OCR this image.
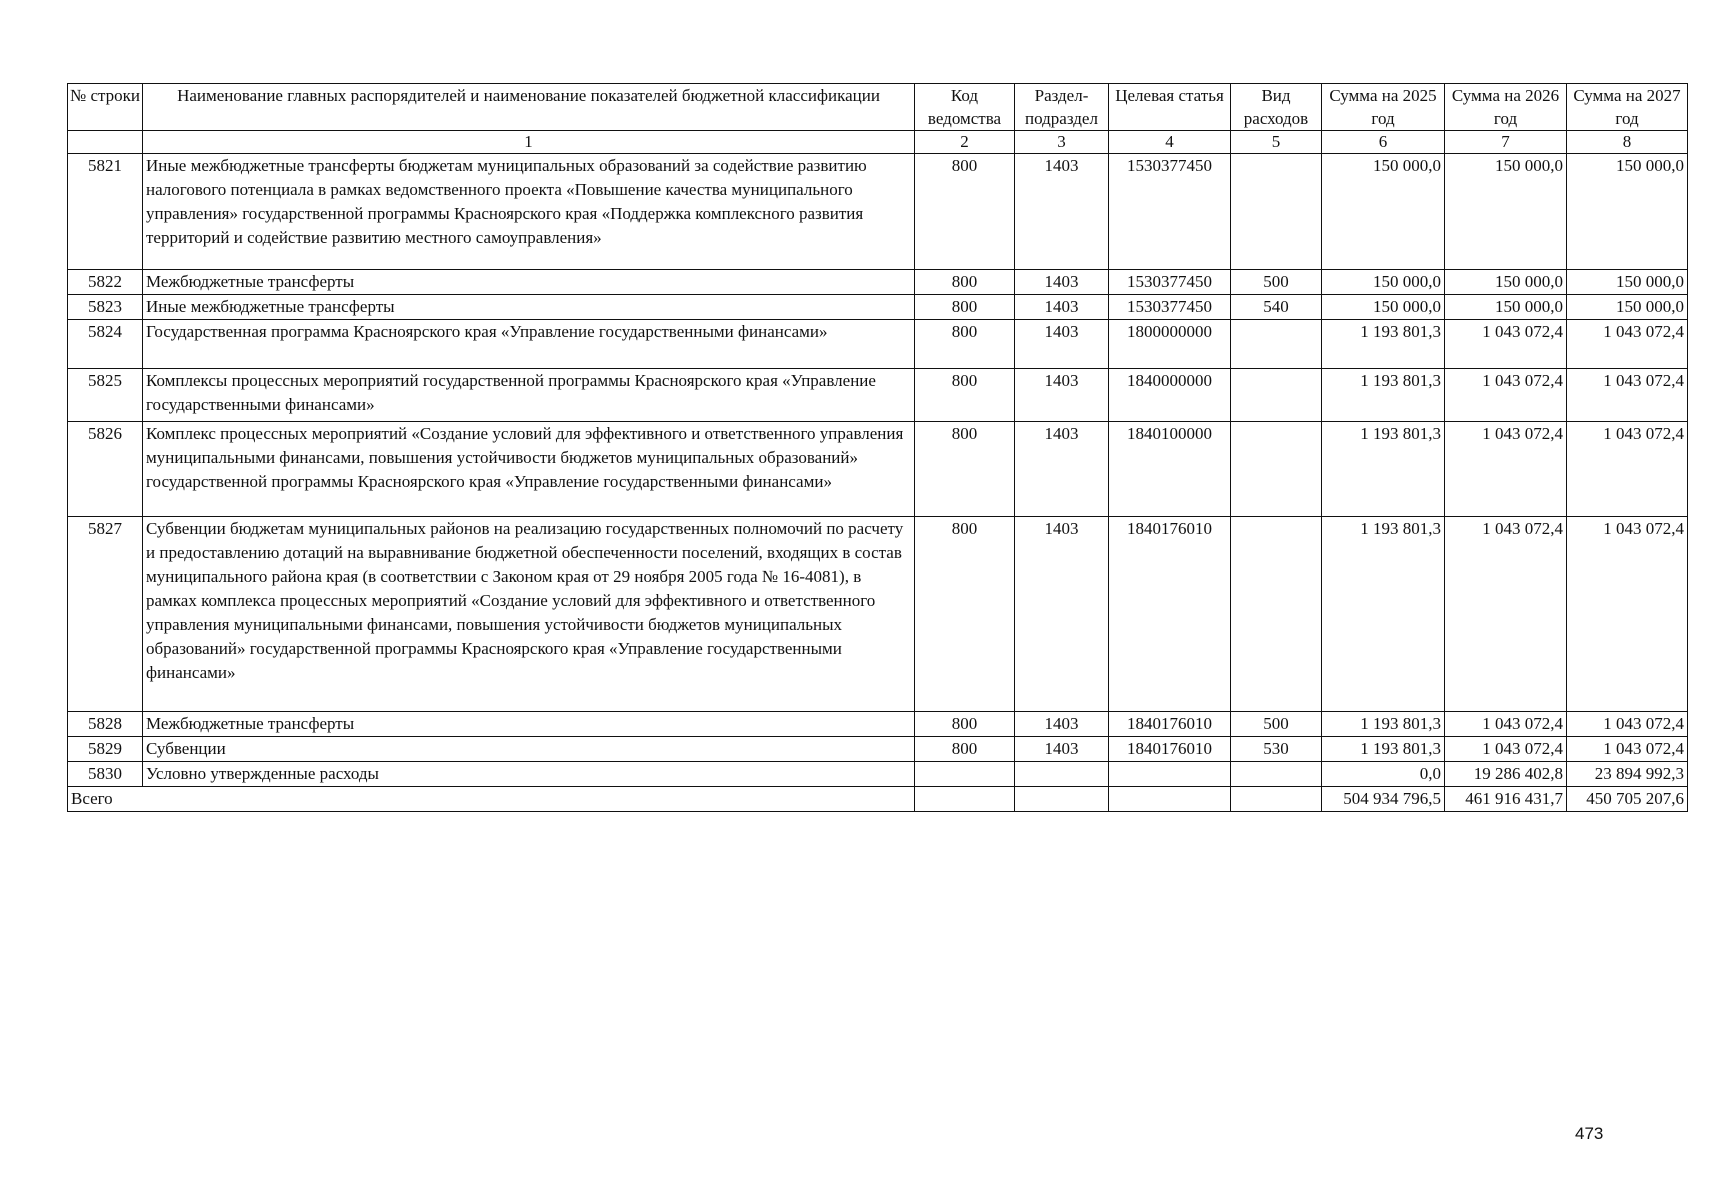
№ строки	Наименование главных распорядителей и наименование показателей бюджетной классификации	Код ведомства	Раздел-подраздел	Целевая статья	Вид расходов	Сумма на 2025 год	Сумма на 2026 год	Сумма на 2027 год
	1	2	3	4	5	6	7	8
5821	Иные межбюджетные трансферты бюджетам муниципальных образований за содействие развитию налогового потенциала в рамках ведомственного проекта «Повышение качества муниципального управления» государственной программы Красноярского края «Поддержка комплексного развития территорий и содействие развитию местного самоуправления»	800	1403	1530377450		150 000,0	150 000,0	150 000,0
5822	Межбюджетные трансферты	800	1403	1530377450	500	150 000,0	150 000,0	150 000,0
5823	Иные межбюджетные трансферты	800	1403	1530377450	540	150 000,0	150 000,0	150 000,0
5824	Государственная программа Красноярского края «Управление государственными финансами»	800	1403	1800000000		1 193 801,3	1 043 072,4	1 043 072,4
5825	Комплексы процессных мероприятий государственной программы Красноярского края «Управление государственными финансами»	800	1403	1840000000		1 193 801,3	1 043 072,4	1 043 072,4
5826	Комплекс процессных мероприятий «Создание условий для эффективного и ответственного управления муниципальными финансами, повышения устойчивости бюджетов муниципальных образований» государственной программы Красноярского края «Управление государственными финансами»	800	1403	1840100000		1 193 801,3	1 043 072,4	1 043 072,4
5827	Субвенции бюджетам муниципальных районов на реализацию государственных полномочий по расчету и предоставлению дотаций на выравнивание бюджетной обеспеченности поселений, входящих в состав муниципального района края (в соответствии с Законом края от 29 ноября 2005 года № 16-4081), в рамках комплекса процессных мероприятий «Создание условий для эффективного и ответственного управления муниципальными финансами, повышения устойчивости бюджетов муниципальных образований» государственной программы Красноярского края «Управление государственными финансами»	800	1403	1840176010		1 193 801,3	1 043 072,4	1 043 072,4
5828	Межбюджетные трансферты	800	1403	1840176010	500	1 193 801,3	1 043 072,4	1 043 072,4
5829	Субвенции	800	1403	1840176010	530	1 193 801,3	1 043 072,4	1 043 072,4
5830	Условно утвержденные расходы					0,0	19 286 402,8	23 894 992,3
Всего						504 934 796,5	461 916 431,7	450 705 207,6
473
